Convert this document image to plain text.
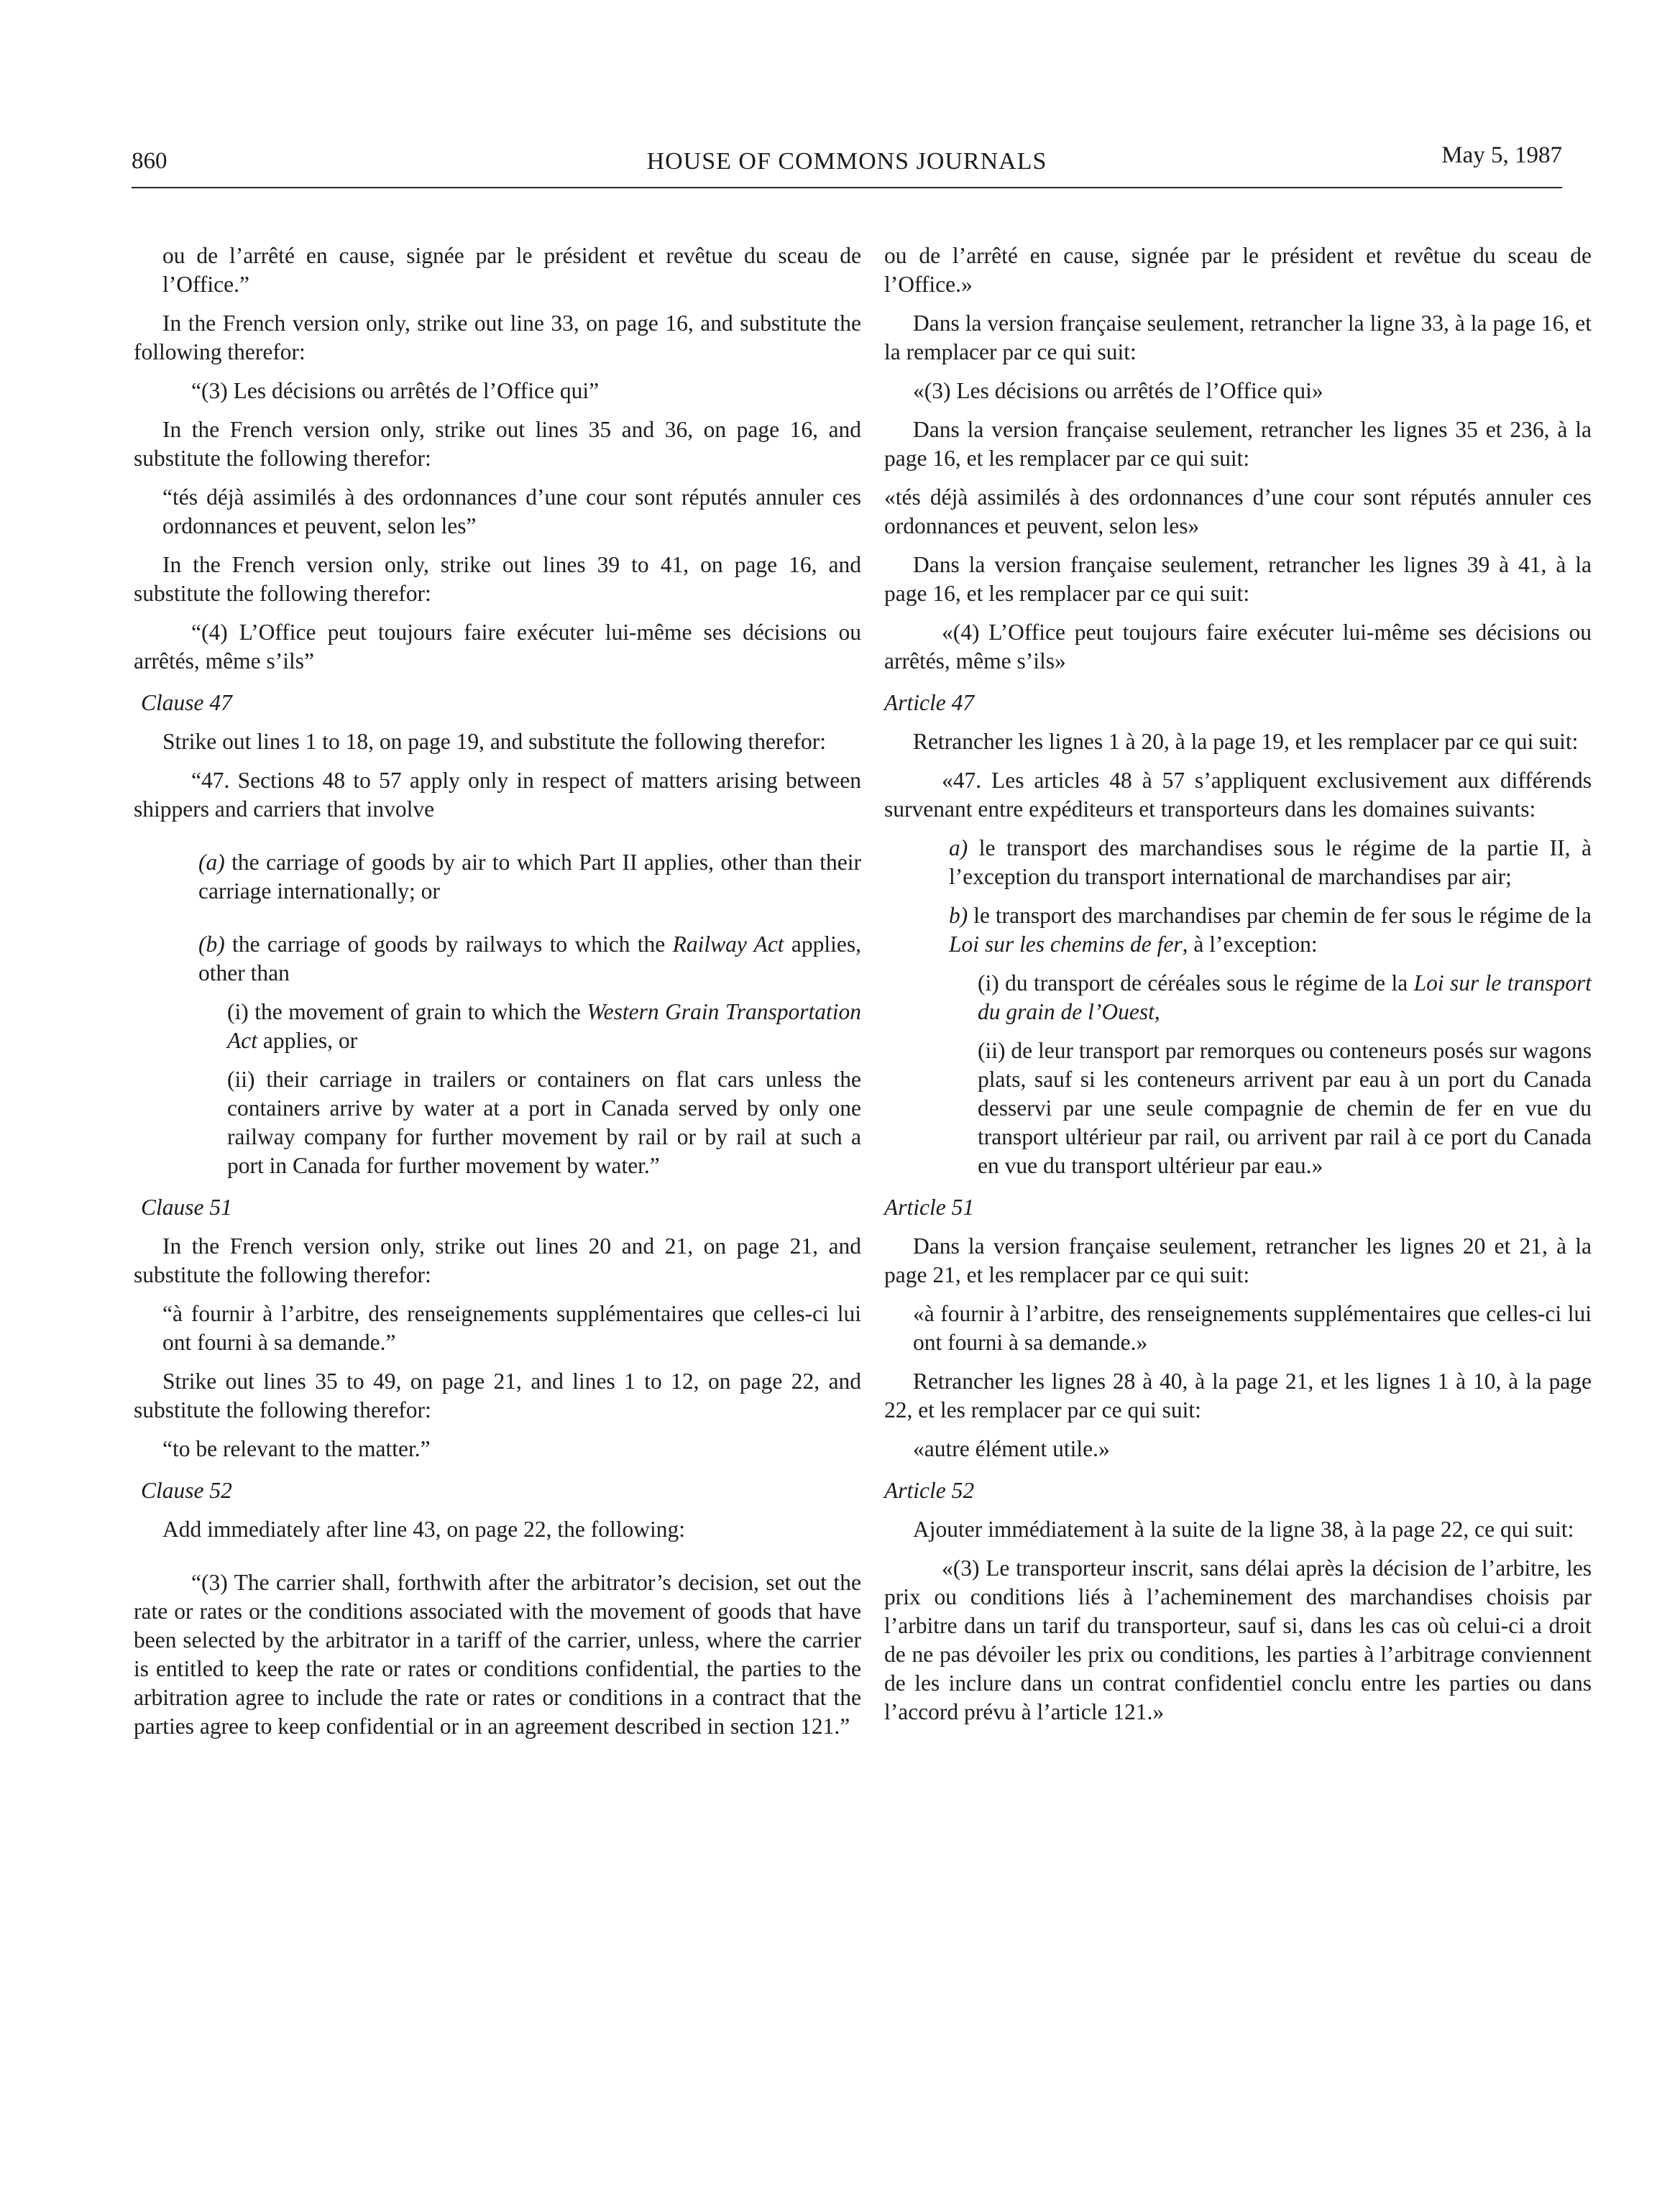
860	HOUSE OF COMMONS JOURNALS	May 5, 1987

ou de l’arrêté en cause, signée par le président et revêtue du sceau de l’Office.”

In the French version only, strike out line 33, on page 16, and substitute the following therefor:

“(3) Les décisions ou arrêtés de l’Office qui”

In the French version only, strike out lines 35 and 36, on page 16, and substitute the following therefor:

“tés déjà assimilés à des ordonnances d’une cour sont réputés annuler ces ordonnances et peuvent, selon les”

In the French version only, strike out lines 39 to 41, on page 16, and substitute the following therefor:

“(4) L’Office peut toujours faire exécuter lui-même ses décisions ou arrêtés, même s’ils”

Clause 47

Strike out lines 1 to 18, on page 19, and substitute the following therefor:

“47. Sections 48 to 57 apply only in respect of matters arising between shippers and carriers that involve

(a) the carriage of goods by air to which Part II applies, other than their carriage internationally; or

(b) the carriage of goods by railways to which the Railway Act applies, other than

(i) the movement of grain to which the Western Grain Transportation Act applies, or

(ii) their carriage in trailers or containers on flat cars unless the containers arrive by water at a port in Canada served by only one railway company for further movement by rail or by rail at such a port in Canada for further movement by water.”

Clause 51

In the French version only, strike out lines 20 and 21, on page 21, and substitute the following therefor:

“à fournir à l’arbitre, des renseignements supplémentaires que celles-ci lui ont fourni à sa demande.”

Strike out lines 35 to 49, on page 21, and lines 1 to 12, on page 22, and substitute the following therefor:

“to be relevant to the matter.”

Clause 52

Add immediately after line 43, on page 22, the following:

“(3) The carrier shall, forthwith after the arbitrator’s decision, set out the rate or rates or the conditions associated with the movement of goods that have been selected by the arbitrator in a tariff of the carrier, unless, where the carrier is entitled to keep the rate or rates or conditions confidential, the parties to the arbitration agree to include the rate or rates or conditions in a contract that the parties agree to keep confidential or in an agreement described in section 121.”

ou de l’arrêté en cause, signée par le président et revêtue du sceau de l’Office.»

Dans la version française seulement, retrancher la ligne 33, à la page 16, et la remplacer par ce qui suit:

«(3) Les décisions ou arrêtés de l’Office qui»

Dans la version française seulement, retrancher les lignes 35 et 236, à la page 16, et les remplacer par ce qui suit:

«tés déjà assimilés à des ordonnances d’une cour sont réputés annuler ces ordonnances et peuvent, selon les»

Dans la version française seulement, retrancher les lignes 39 à 41, à la page 16, et les remplacer par ce qui suit:

«(4) L’Office peut toujours faire exécuter lui-même ses décisions ou arrêtés, même s’ils»

Article 47

Retrancher les lignes 1 à 20, à la page 19, et les remplacer par ce qui suit:

«47. Les articles 48 à 57 s’appliquent exclusivement aux différends survenant entre expéditeurs et transporteurs dans les domaines suivants:

a) le transport des marchandises sous le régime de la partie II, à l’exception du transport international de marchandises par air;

b) le transport des marchandises par chemin de fer sous le régime de la Loi sur les chemins de fer, à l’exception:

(i) du transport de céréales sous le régime de la Loi sur le transport du grain de l’Ouest,

(ii) de leur transport par remorques ou conteneurs posés sur wagons plats, sauf si les conteneurs arrivent par eau à un port du Canada desservi par une seule compagnie de chemin de fer en vue du transport ultérieur par rail, ou arrivent par rail à ce port du Canada en vue du transport ultérieur par eau.»

Article 51

Dans la version française seulement, retrancher les lignes 20 et 21, à la page 21, et les remplacer par ce qui suit:

«à fournir à l’arbitre, des renseignements supplémentaires que celles-ci lui ont fourni à sa demande.»

Retrancher les lignes 28 à 40, à la page 21, et les lignes 1 à 10, à la page 22, et les remplacer par ce qui suit:

«autre élément utile.»

Article 52

Ajouter immédiatement à la suite de la ligne 38, à la page 22, ce qui suit:

«(3) Le transporteur inscrit, sans délai après la décision de l’arbitre, les prix ou conditions liés à l’acheminement des marchandises choisis par l’arbitre dans un tarif du transporteur, sauf si, dans les cas où celui-ci a droit de ne pas dévoiler les prix ou conditions, les parties à l’arbitrage conviennent de les inclure dans un contrat confidentiel conclu entre les parties ou dans l’accord prévu à l’article 121.»
